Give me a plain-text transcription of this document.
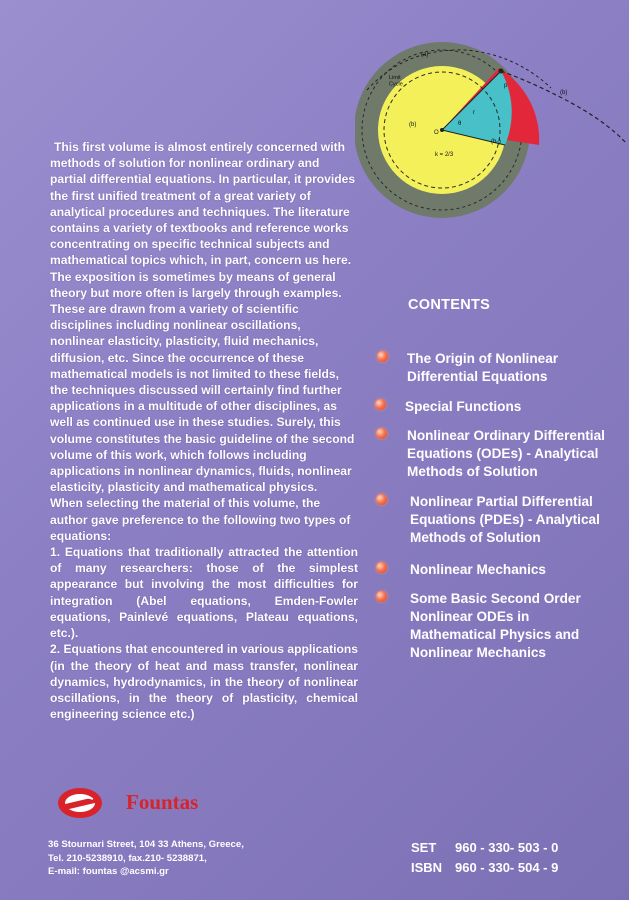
(a)
Limit Cycle
(b)
(b)
(b₀)
k = 2/3
θ
O
r
p

This first volume is almost entirely concerned with methods of solution for nonlinear ordinary and partial differential equations. In particular, it provides the first unified treatment of a great variety of analytical procedures and techniques. The literature contains a variety of textbooks and reference works concentrating on specific technical subjects and mathematical topics which, in part, concern us here. The exposition is sometimes by means of general theory but more often is largely through examples. These are drawn from a variety of scientific disciplines including nonlinear oscillations, nonlinear elasticity, plasticity, fluid mechanics, diffusion, etc. Since the occurrence of these mathematical models is not limited to these fields, the techniques discussed will certainly find further applications in a multitude of other disciplines, as well as continued use in these studies. Surely, this volume constitutes the basic guideline of the second volume of this work, which follows including applications in nonlinear dynamics, fluids, nonlinear elasticity, plasticity and mathematical physics.

When selecting the material of this volume, the author gave preference to the following two types of equations:

1. Equations that traditionally attracted the attention of many researchers: those of the simplest appearance but involving the most difficulties for integration (Abel equations, Emden-Fowler equations, Painlevé equations, Plateau equations, etc.).

2. Equations that encountered in various applications (in the theory of heat and mass transfer, nonlinear dynamics, hydrodynamics, in the theory of nonlinear oscillations, in the theory of plasticity, chemical engineering science etc.)

CONTENTS
The Origin of Nonlinear Differential Equations
Special Functions
Nonlinear Ordinary Differential Equations (ODEs) - Analytical Methods of Solution
Nonlinear Partial Differential Equations (PDEs) - Analytical Methods of Solution
Nonlinear Mechanics
Some Basic Second Order Nonlinear ODEs in Mathematical Physics and Nonlinear Mechanics
Fountas
36 Stournari Street, 104 33 Athens, Greece,
Tel. 210-5238910, fax.210- 5238871,
E-mail: fountas @acsmi.gr
SET 960 - 330- 503 - 0
ISBN 960 - 330- 504 - 9
